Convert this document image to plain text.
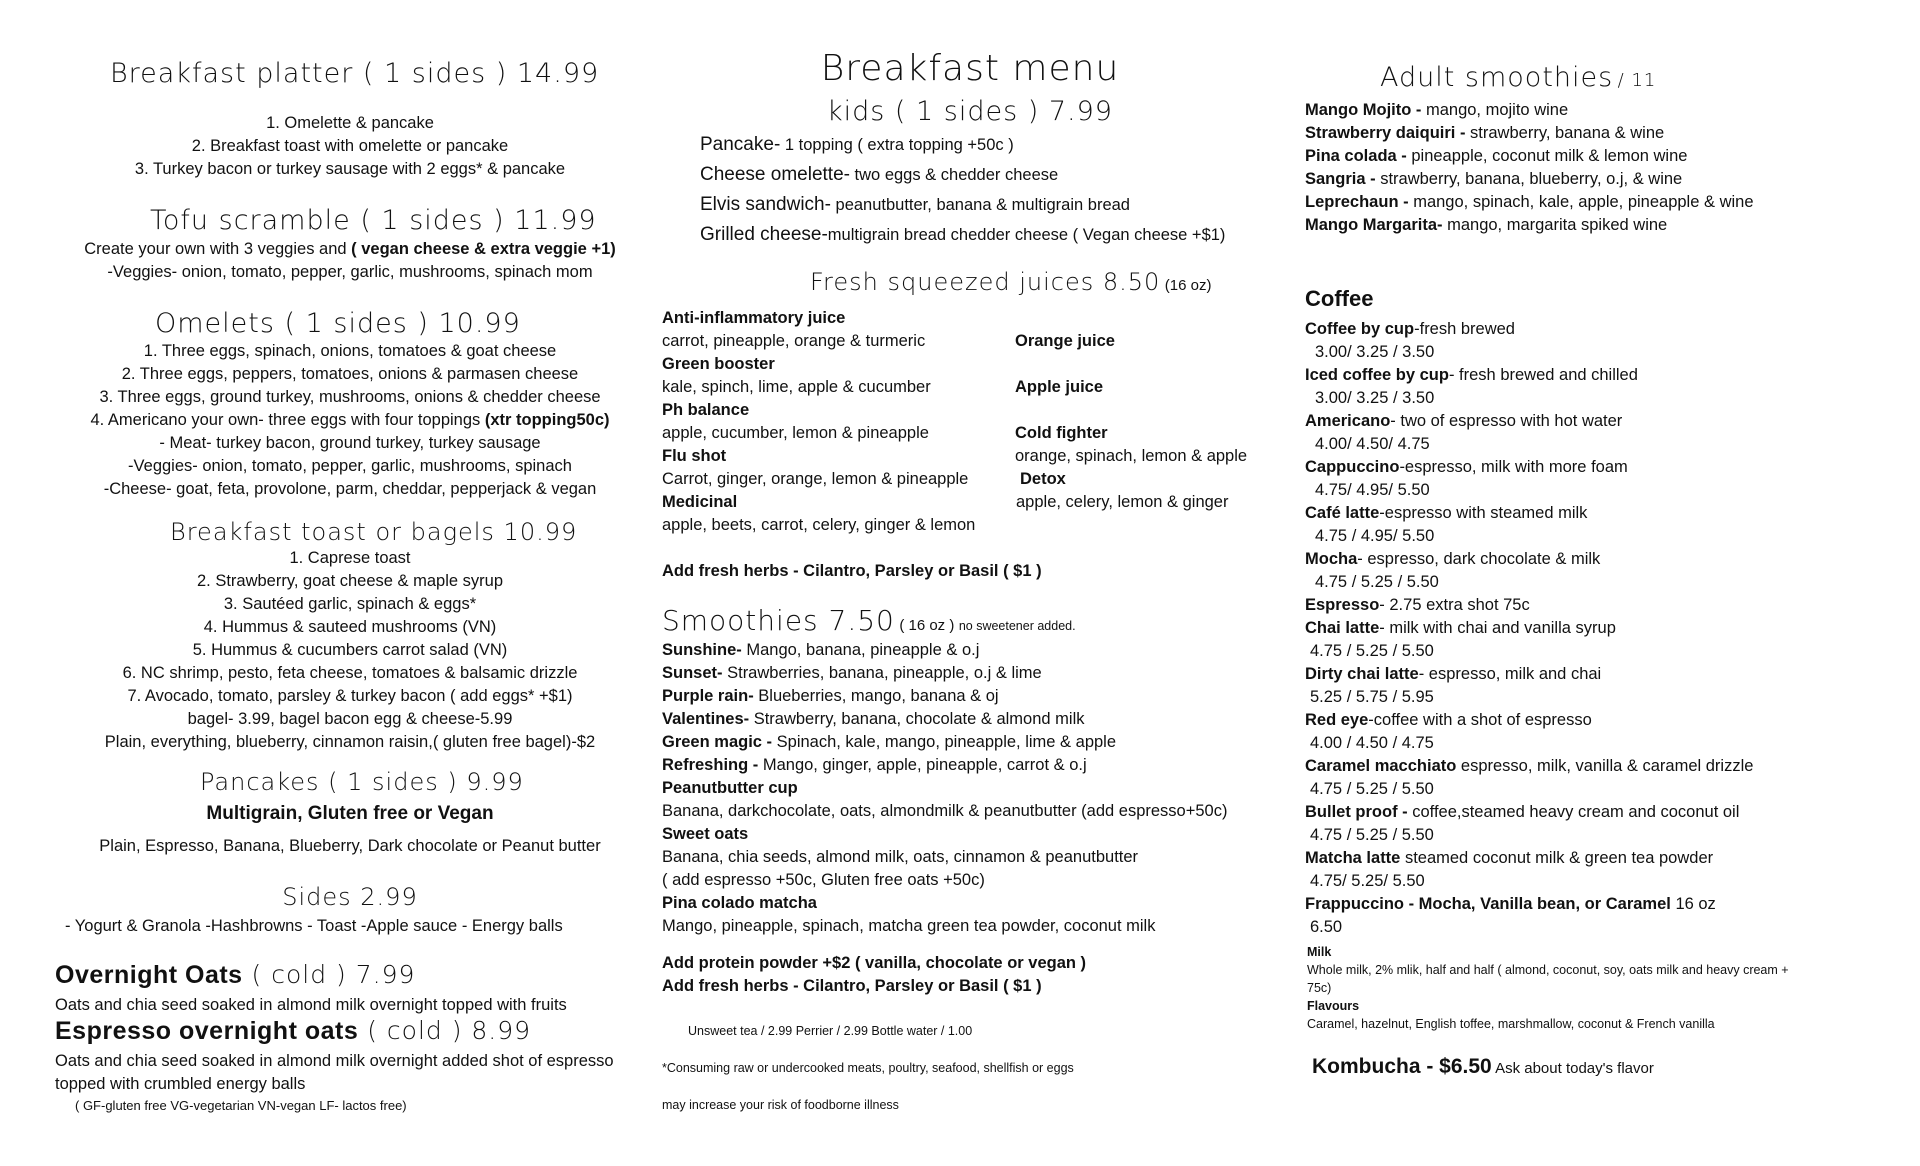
Breakfast platter ( 1 sides ) 14.99
1. Omelette & pancake
2. Breakfast toast with omelette or pancake
3. Turkey bacon or turkey sausage with 2 eggs* & pancake
Tofu scramble ( 1 sides ) 11.99
Create your own with 3 veggies and ( vegan cheese & extra veggie +1)
-Veggies- onion, tomato, pepper, garlic, mushrooms, spinach mom
Omelets ( 1 sides ) 10.99
1. Three eggs, spinach, onions, tomatoes & goat cheese
2. Three eggs, peppers, tomatoes, onions & parmasen cheese
3. Three eggs, ground turkey, mushrooms, onions & chedder cheese
4. Americano your own- three eggs with four toppings (xtr topping50c)
- Meat- turkey bacon, ground turkey, turkey sausage
-Veggies- onion, tomato, pepper, garlic, mushrooms, spinach
-Cheese- goat, feta, provolone, parm, cheddar, pepperjack & vegan
Breakfast toast or bagels 10.99
1. Caprese toast
2. Strawberry, goat cheese & maple syrup
3. Sautéed garlic, spinach & eggs*
4. Hummus & sauteed mushrooms (VN)
5. Hummus & cucumbers carrot salad (VN)
6. NC shrimp, pesto, feta cheese, tomatoes & balsamic drizzle
7. Avocado, tomato, parsley & turkey bacon ( add eggs* +$1)
bagel- 3.99, bagel bacon egg & cheese-5.99
Plain, everything, blueberry, cinnamon raisin,( gluten free bagel)-$2
Pancakes ( 1 sides ) 9.99
Multigrain, Gluten free or Vegan
Plain, Espresso, Banana, Blueberry, Dark chocolate or Peanut butter
Sides 2.99
- Yogurt & Granola -Hashbrowns - Toast -Apple sauce - Energy balls
Overnight Oats ( cold ) 7.99
Oats and chia seed soaked in almond milk overnight topped with fruits
Espresso overnight oats ( cold ) 8.99
Oats and chia seed soaked in almond milk overnight added shot of espresso
topped with crumbled energy balls
( GF-gluten free VG-vegetarian VN-vegan LF- lactos free)
Breakfast menu
kids ( 1 sides ) 7.99
Pancake- 1 topping ( extra topping +50c )
Cheese omelette- two eggs & chedder cheese
Elvis sandwich- peanutbutter, banana & multigrain bread
Grilled cheese-multigrain bread chedder cheese ( Vegan cheese +$1)
Fresh squeezed juices 8.50 (16 oz)
Anti-inflammatory juice
carrot, pineapple, orange & turmeric
Green booster
kale, spinch, lime, apple & cucumber
Ph balance
apple, cucumber, lemon & pineapple
Flu shot
Carrot, ginger, orange, lemon & pineapple
Medicinal
apple, beets, carrot, celery, ginger & lemon
Orange juice
Apple juice
Cold fighter
orange, spinach, lemon & apple
Detox
apple, celery, lemon & ginger
Add fresh herbs - Cilantro, Parsley or Basil ( $1 )
Smoothies 7.50 ( 16 oz ) no sweetener added.
Sunshine- Mango, banana, pineapple & o.j
Sunset- Strawberries, banana, pineapple, o.j & lime
Purple rain- Blueberries, mango, banana & oj
Valentines- Strawberry, banana, chocolate & almond milk
Green magic - Spinach, kale, mango, pineapple, lime & apple
Refreshing - Mango, ginger, apple, pineapple, carrot & o.j
Peanutbutter cup
Banana, darkchocolate, oats, almondmilk & peanutbutter (add espresso+50c)
Sweet oats
Banana, chia seeds, almond milk, oats, cinnamon & peanutbutter
( add espresso +50c, Gluten free oats +50c)
Pina colado matcha
Mango, pineapple, spinach, matcha green tea powder, coconut milk
Add protein powder +$2 ( vanilla, chocolate or vegan )
Add fresh herbs - Cilantro, Parsley or Basil ( $1 )
Unsweet tea / 2.99 Perrier / 2.99 Bottle water / 1.00
*Consuming raw or undercooked meats, poultry, seafood, shellfish or eggs
may increase your risk of foodborne illness
Adult smoothies / 11
Mango Mojito - mango, mojito wine
Strawberry daiquiri - strawberry, banana & wine
Pina colada - pineapple, coconut milk & lemon wine
Sangria - strawberry, banana, blueberry, o.j, & wine
Leprechaun - mango, spinach, kale, apple, pineapple & wine
Mango Margarita- mango, margarita spiked wine
Coffee
Coffee by cup-fresh brewed
3.00/ 3.25 / 3.50
Iced coffee by cup- fresh brewed and chilled
3.00/ 3.25 / 3.50
Americano- two of espresso with hot water
4.00/ 4.50/ 4.75
Cappuccino-espresso, milk with more foam
4.75/ 4.95/ 5.50
Café latte-espresso with steamed milk
4.75 / 4.95/ 5.50
Mocha- espresso, dark chocolate & milk
4.75 / 5.25 / 5.50
Espresso- 2.75 extra shot 75c
Chai latte- milk with chai and vanilla syrup
4.75 / 5.25 / 5.50
Dirty chai latte- espresso, milk and chai
5.25 / 5.75 / 5.95
Red eye-coffee with a shot of espresso
4.00 / 4.50 / 4.75
Caramel macchiato espresso, milk, vanilla & caramel drizzle
4.75 / 5.25 / 5.50
Bullet proof - coffee,steamed heavy cream and coconut oil
4.75 / 5.25 / 5.50
Matcha latte steamed coconut milk & green tea powder
4.75/ 5.25/ 5.50
Frappuccino - Mocha, Vanilla bean, or Caramel 16 oz
6.50
Milk
Whole milk, 2% mlik, half and half ( almond, coconut, soy, oats milk and heavy cream +
75c)
Flavours
Caramel, hazelnut, English toffee, marshmallow, coconut & French vanilla
Kombucha - $6.50 Ask about today's flavor
